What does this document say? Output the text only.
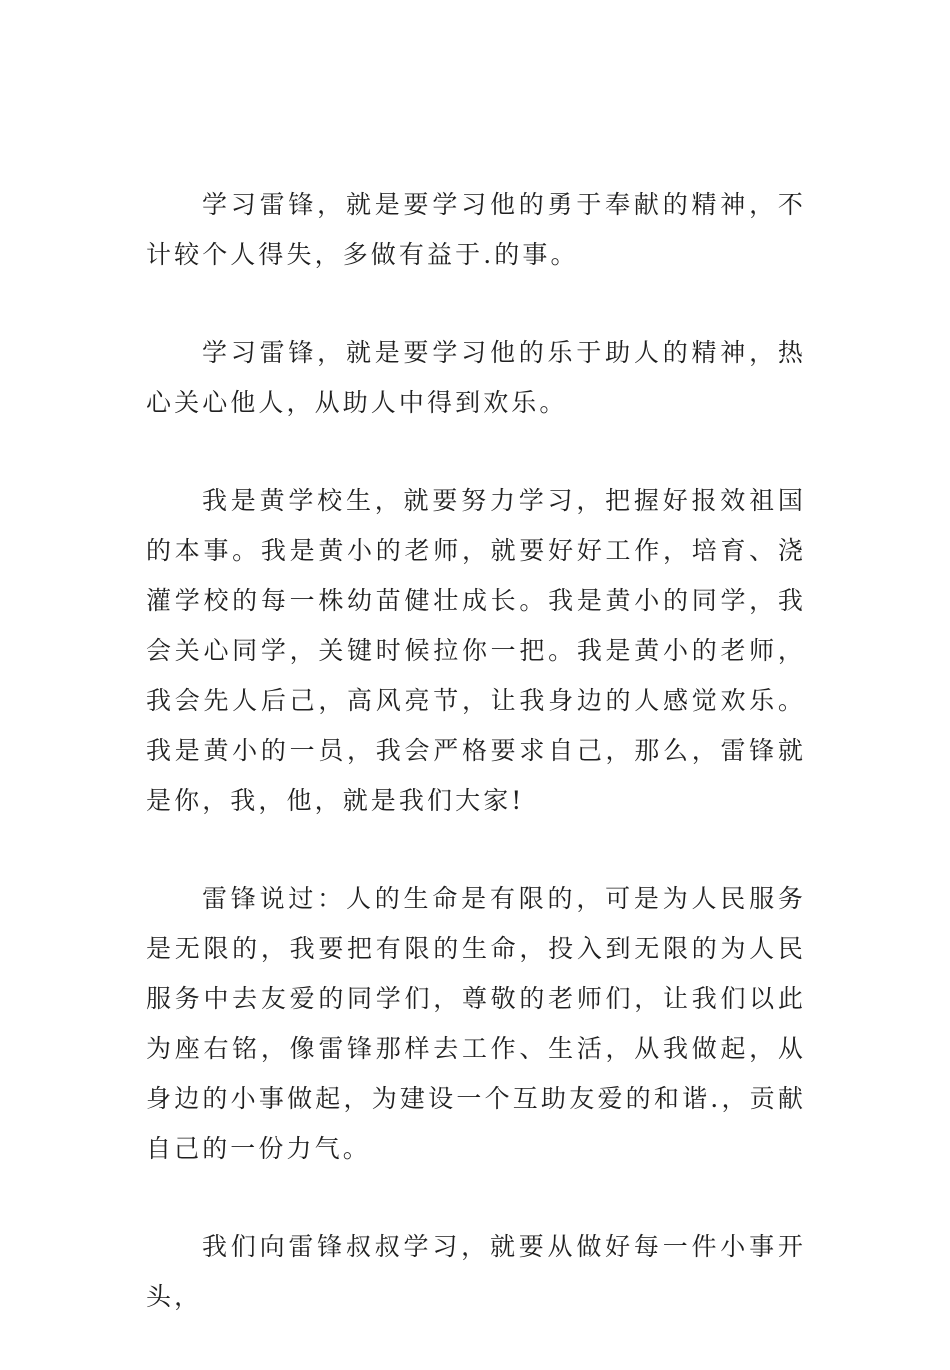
学习雷锋，就是要学习他的勇于奉献的精神，不计较个人得失，多做有益于.的事。

学习雷锋，就是要学习他的乐于助人的精神，热心关心他人，从助人中得到欢乐。

我是黄学校生，就要努力学习，把握好报效祖国的本事。我是黄小的老师，就要好好工作，培育、浇灌学校的每一株幼苗健壮成长。我是黄小的同学，我会关心同学，关键时候拉你一把。我是黄小的老师，我会先人后己，高风亮节，让我身边的人感觉欢乐。我是黄小的一员，我会严格要求自己，那么，雷锋就是你，我，他，就是我们大家!

雷锋说过：人的生命是有限的，可是为人民服务是无限的，我要把有限的生命，投入到无限的为人民服务中去友爱的同学们，尊敬的老师们，让我们以此为座右铭，像雷锋那样去工作、生活，从我做起，从身边的小事做起，为建设一个互助友爱的和谐.，贡献自己的一份力气。

我们向雷锋叔叔学习，就要从做好每一件小事开头，
